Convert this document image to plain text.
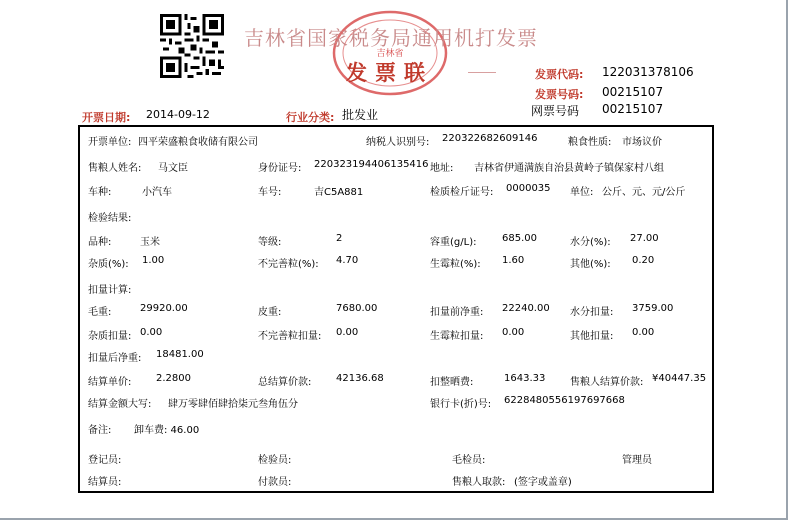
吉林省
吉林省国家税务局通用机打发票
发票联	发票代码: 122031378106
发票号码: 00215107
网票号码 00215107
开票日期: 2014-09-12	行业分类: 批发业
开票单位: 四平荣盛粮食收储有限公司	纳税人识别号: 220322682609146	粮食性质: 市场议价
售粮人姓名: 马文臣	身份证号: 220323194406135416 地址: 吉林省伊通满族自治县黄岭子镇保家村八组
车种:	小汽车	车号:	吉C5A881	检质检斤证号: 0000035 单位: 公斤、元、元/公斤
检验结果:
品种:	玉米	等级:	2	容重(g/L):	685.00	水分(%): 27.00
杂质(%): 1.00	不完善粒(%): 4.70	生霉粒(%): 1.60	其他(%): 0.20
扣量计算:
毛重:	29920.00	皮重:	7680.00	扣量前净重: 22240.00 水分扣量: 3759.00
杂质扣量: 0.00	不完善粒扣量: 0.00	生霉粒扣量: 0.00	其他扣量: 0.00
扣量后净重: 18481.00
结算单价: 2.2800	总结算价款: 42136.68	扣整晒费:	1643.33 售粮人结算价款: ¥40447.35
结算金额大写: 肆万零肆佰肆拾柒元叁角伍分	银行卡(折)号: 6228480556197697668
备注: 卸车费: 46.00
登记员:	检验员:	毛检员:	管理员
结算员:	付款员:	售粮人取款: (签字或盖章)
